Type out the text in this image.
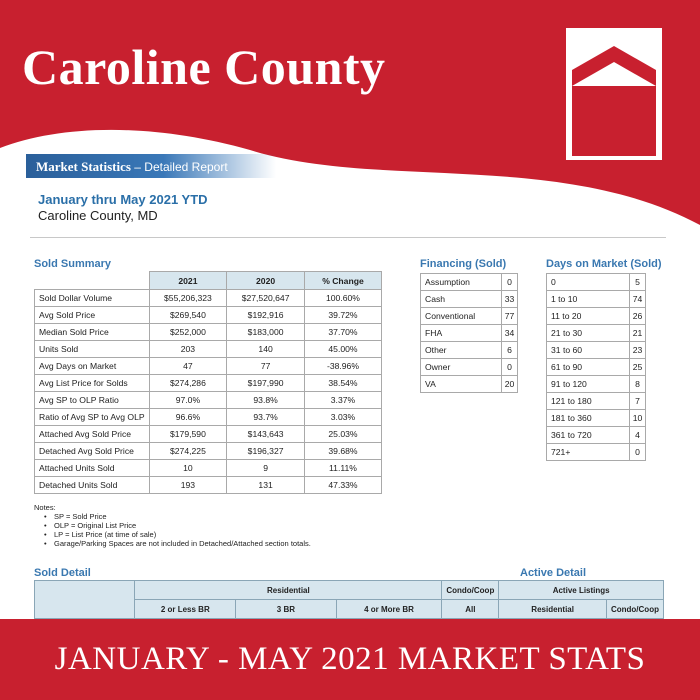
Caroline County
Market Statistics – Detailed Report
January thru May 2021 YTD
Caroline County, MD
Sold Summary
	2021	2020	% Change
Sold Dollar Volume	$55,206,323	$27,520,647	100.60%
Avg Sold Price	$269,540	$192,916	39.72%
Median Sold Price	$252,000	$183,000	37.70%
Units Sold	203	140	45.00%
Avg Days on Market	47	77	-38.96%
Avg List Price for Solds	$274,286	$197,990	38.54%
Avg SP to OLP Ratio	97.0%	93.8%	3.37%
Ratio of Avg SP to Avg OLP	96.6%	93.7%	3.03%
Attached Avg Sold Price	$179,590	$143,643	25.03%
Detached Avg Sold Price	$274,225	$196,327	39.68%
Attached Units Sold	10	9	11.11%
Detached Units Sold	193	131	47.33%
Financing (Sold)
Assumption	0
Cash	33
Conventional	77
FHA	34
Other	6
Owner	0
VA	20
Days on Market (Sold)
0	5
1 to 10	74
11 to 20	26
21 to 30	21
31 to 60	23
61 to 90	25
91 to 120	8
121 to 180	7
181 to 360	10
361 to 720	4
721+	0
Notes:
• SP = Sold Price
• OLP = Original List Price
• LP = List Price (at time of sale)
• Garage/Parking Spaces are not included in Detached/Attached section totals.
Sold Detail	Active Detail
	Residential			Condo/Coop	Active Listings	
	2 or Less BR	3 BR	4 or More BR	All	Residential	Condo/Coop
JANUARY - MAY 2021 MARKET STATS
